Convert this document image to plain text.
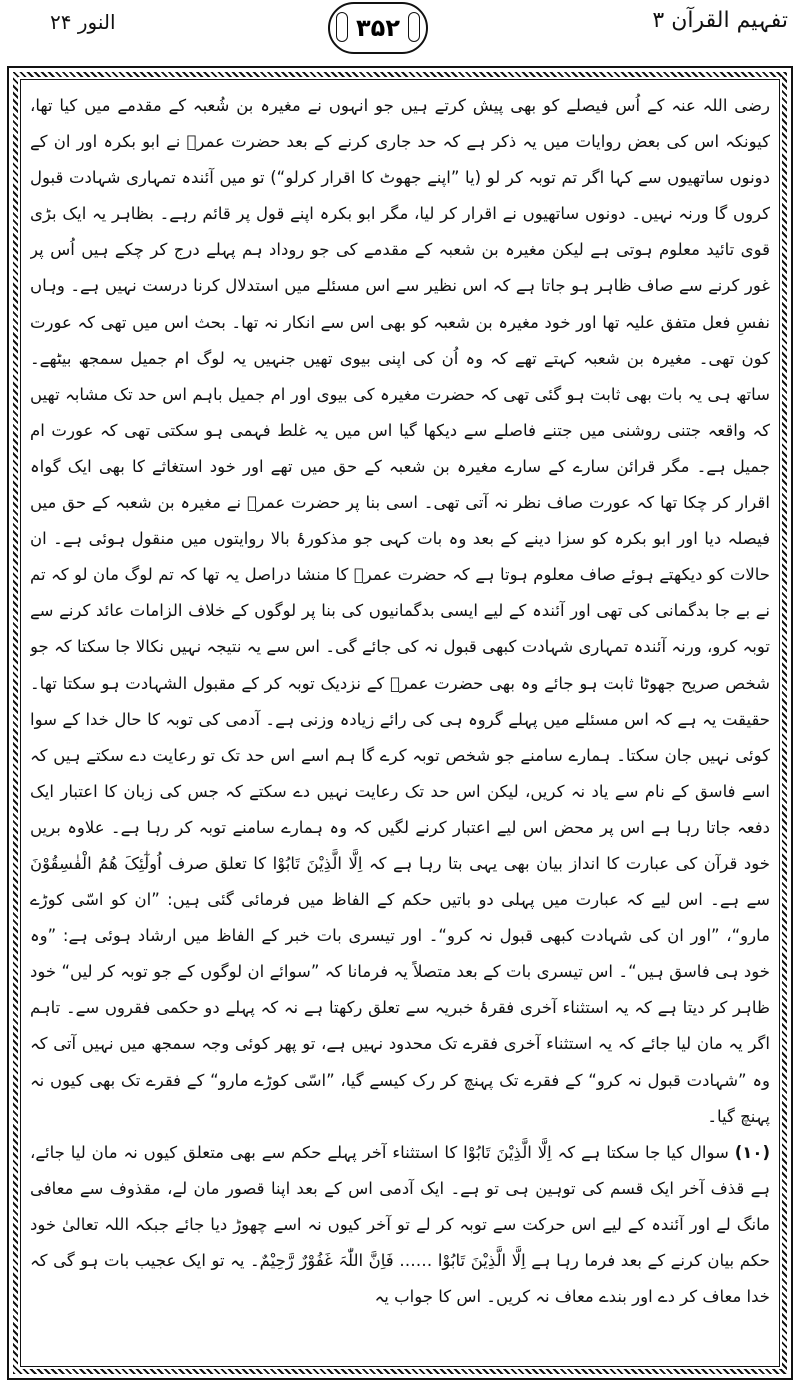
النور ۲۴	۳۵۲	تفہیم القرآن ۳

رضی اللہ عنہ کے اُس فیصلے کو بھی پیش کرتے ہیں جو انہوں نے مغیرہ بن شُعبہ کے مقدمے میں کیا تھا، کیونکہ اس کی بعض روایات میں یہ ذکر ہے کہ حد جاری کرنے کے بعد حضرت عمرؓ نے ابو بکرہ اور ان کے دونوں ساتھیوں سے کہا اگر تم توبہ کر لو (یا ”اپنے جھوٹ کا اقرار کرلو“) تو میں آئندہ تمہاری شہادت قبول کروں گا ورنہ نہیں۔ دونوں ساتھیوں نے اقرار کر لیا، مگر ابو بکرہ اپنے قول پر قائم رہے۔ بظاہر یہ ایک بڑی قوی تائید معلوم ہوتی ہے لیکن مغیرہ بن شعبہ کے مقدمے کی جو روداد ہم پہلے درج کر چکے ہیں اُس پر غور کرنے سے صاف ظاہر ہو جاتا ہے کہ اس نظیر سے اس مسئلے میں استدلال کرنا درست نہیں ہے۔ وہاں نفسِ فعل متفق علیہ تھا اور خود مغیرہ بن شعبہ کو بھی اس سے انکار نہ تھا۔ بحث اس میں تھی کہ عورت کون تھی۔ مغیرہ بن شعبہ کہتے تھے کہ وہ اُن کی اپنی بیوی تھیں جنہیں یہ لوگ ام جمیل سمجھ بیٹھے۔ ساتھ ہی یہ بات بھی ثابت ہو گئی تھی کہ حضرت مغیرہ کی بیوی اور ام جمیل باہم اس حد تک مشابہ تھیں کہ واقعہ جتنی روشنی میں جتنے فاصلے سے دیکھا گیا اس میں یہ غلط فہمی ہو سکتی تھی کہ عورت ام جمیل ہے۔ مگر قرائن سارے کے سارے مغیرہ بن شعبہ کے حق میں تھے اور خود استغاثے کا بھی ایک گواہ اقرار کر چکا تھا کہ عورت صاف نظر نہ آتی تھی۔ اسی بنا پر حضرت عمرؓ نے مغیرہ بن شعبہ کے حق میں فیصلہ دیا اور ابو بکرہ کو سزا دینے کے بعد وہ بات کہی جو مذکورۂ بالا روایتوں میں منقول ہوئی ہے۔ ان حالات کو دیکھتے ہوئے صاف معلوم ہوتا ہے کہ حضرت عمرؓ کا منشا دراصل یہ تھا کہ تم لوگ مان لو کہ تم نے بے جا بدگمانی کی تھی اور آئندہ کے لیے ایسی بدگمانیوں کی بنا پر لوگوں کے خلاف الزامات عائد کرنے سے توبہ کرو، ورنہ آئندہ تمہاری شہادت کبھی قبول نہ کی جائے گی۔ اس سے یہ نتیجہ نہیں نکالا جا سکتا کہ جو شخص صریح جھوٹا ثابت ہو جائے وہ بھی حضرت عمرؓ کے نزدیک توبہ کر کے مقبول الشہادت ہو سکتا تھا۔ حقیقت یہ ہے کہ اس مسئلے میں پہلے گروہ ہی کی رائے زیادہ وزنی ہے۔ آدمی کی توبہ کا حال خدا کے سوا کوئی نہیں جان سکتا۔ ہمارے سامنے جو شخص توبہ کرے گا ہم اسے اس حد تک تو رعایت دے سکتے ہیں کہ اسے فاسق کے نام سے یاد نہ کریں، لیکن اس حد تک رعایت نہیں دے سکتے کہ جس کی زبان کا اعتبار ایک دفعہ جاتا رہا ہے اس پر محض اس لیے اعتبار کرنے لگیں کہ وہ ہمارے سامنے توبہ کر رہا ہے۔ علاوہ بریں خود قرآن کی عبارت کا انداز بیان بھی یہی بتا رہا ہے کہ اِلَّا الَّذِیْنَ تَابُوْا کا تعلق صرف اُولٰٓئِکَ ھُمُ الْفٰسِقُوْنَ سے ہے۔ اس لیے کہ عبارت میں پہلی دو باتیں حکم کے الفاظ میں فرمائی گئی ہیں: ”ان کو اسّی کوڑے مارو“، ”اور ان کی شہادت کبھی قبول نہ کرو“۔ اور تیسری بات خبر کے الفاظ میں ارشاد ہوئی ہے: ”وہ خود ہی فاسق ہیں“۔ اس تیسری بات کے بعد متصلاً یہ فرمانا کہ ”سوائے ان لوگوں کے جو توبہ کر لیں“ خود ظاہر کر دیتا ہے کہ یہ استثناء آخری فقرۂ خبریہ سے تعلق رکھتا ہے نہ کہ پہلے دو حکمی فقروں سے۔ تاہم اگر یہ مان لیا جائے کہ یہ استثناء آخری فقرے تک محدود نہیں ہے، تو پھر کوئی وجہ سمجھ میں نہیں آتی کہ وہ ”شہادت قبول نہ کرو“ کے فقرے تک پہنچ کر رک کیسے گیا، ”اسّی کوڑے مارو“ کے فقرے تک بھی کیوں نہ پہنچ گیا۔

(۱۰) سوال کیا جا سکتا ہے کہ اِلَّا الَّذِیْنَ تَابُوْا کا استثناء آخر پہلے حکم سے بھی متعلق کیوں نہ مان لیا جائے، ہے قذف آخر ایک قسم کی توہین ہی تو ہے۔ ایک آدمی اس کے بعد اپنا قصور مان لے، مقذوف سے معافی مانگ لے اور آئندہ کے لیے اس حرکت سے توبہ کر لے تو آخر کیوں نہ اسے چھوڑ دیا جائے جبکہ اللہ تعالیٰ خود حکم بیان کرنے کے بعد فرما رہا ہے اِلَّا الَّذِیْنَ تَابُوْا …… فَاِنَّ اللّٰہَ غَفُوْرٌ رَّحِیْمٌ۔ یہ تو ایک عجیب بات ہو گی کہ خدا معاف کر دے اور بندے معاف نہ کریں۔ اس کا جواب یہ
